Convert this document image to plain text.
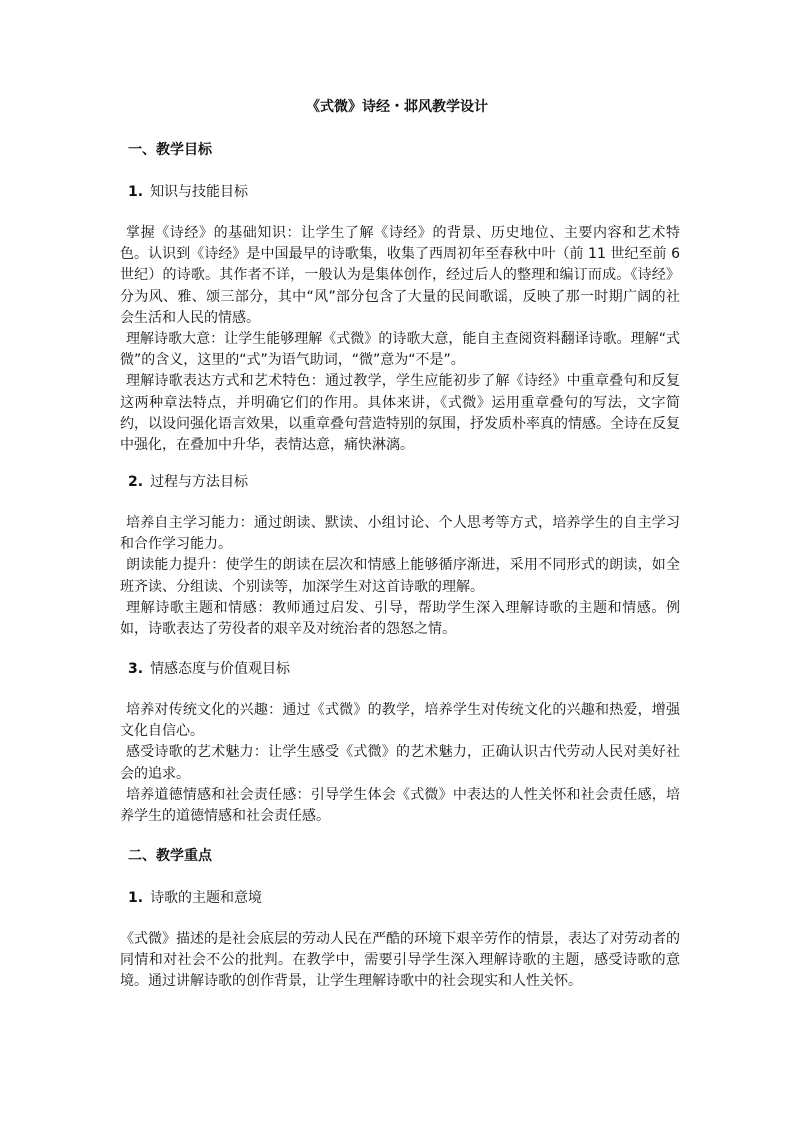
《式微》诗经・邶风教学设计
一、教学目标
1. 知识与技能目标

掌握《诗经》的基础知识：让学生了解《诗经》的背景、历史地位、主要内容和艺术特色。认识到《诗经》是中国最早的诗歌集，收集了西周初年至春秋中叶（前 11 世纪至前 6 世纪）的诗歌。其作者不详，一般认为是集体创作，经过后人的整理和编订而成。《诗经》分为风、雅、颂三部分，其中“风”部分包含了大量的民间歌谣，反映了那一时期广阔的社会生活和人民的情感。

理解诗歌大意：让学生能够理解《式微》的诗歌大意，能自主查阅资料翻译诗歌。理解“式微”的含义，这里的“式”为语气助词，“微”意为“不是”。

理解诗歌表达方式和艺术特色：通过教学，学生应能初步了解《诗经》中重章叠句和反复这两种章法特点，并明确它们的作用。具体来讲，《式微》运用重章叠句的写法，文字简约，以设问强化语言效果，以重章叠句营造特别的氛围，抒发质朴率真的情感。全诗在反复中强化，在叠加中升华，表情达意，痛快淋漓。

2. 过程与方法目标

培养自主学习能力：通过朗读、默读、小组讨论、个人思考等方式，培养学生的自主学习和合作学习能力。

朗读能力提升：使学生的朗读在层次和情感上能够循序渐进，采用不同形式的朗读，如全班齐读、分组读、个别读等，加深学生对这首诗歌的理解。

理解诗歌主题和情感：教师通过启发、引导，帮助学生深入理解诗歌的主题和情感。例如，诗歌表达了劳役者的艰辛及对统治者的怨怒之情。

3. 情感态度与价值观目标

培养对传统文化的兴趣：通过《式微》的教学，培养学生对传统文化的兴趣和热爱，增强文化自信心。

感受诗歌的艺术魅力：让学生感受《式微》的艺术魅力，正确认识古代劳动人民对美好社会的追求。

培养道德情感和社会责任感：引导学生体会《式微》中表达的人性关怀和社会责任感，培养学生的道德情感和社会责任感。

二、教学重点
1. 诗歌的主题和意境

《式微》描述的是社会底层的劳动人民在严酷的环境下艰辛劳作的情景，表达了对劳动者的同情和对社会不公的批判。在教学中，需要引导学生深入理解诗歌的主题，感受诗歌的意境。通过讲解诗歌的创作背景，让学生理解诗歌中的社会现实和人性关怀。
